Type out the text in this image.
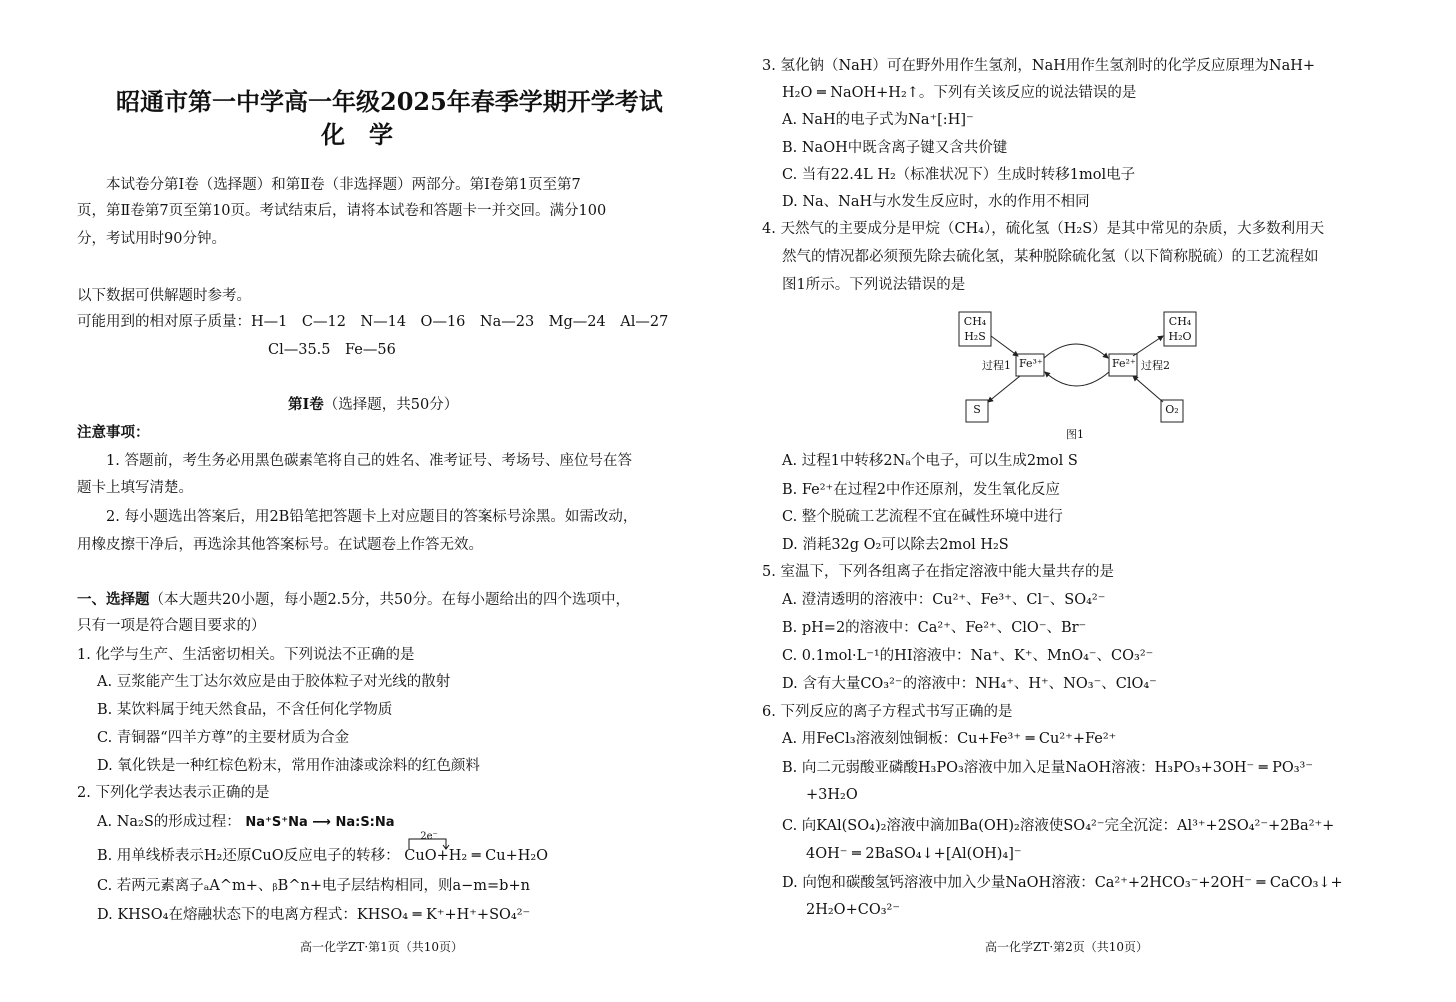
昭通市第一中学高一年级2025年春季学期开学考试
化　学
本试卷分第Ⅰ卷（选择题）和第Ⅱ卷（非选择题）两部分。第Ⅰ卷第1页至第7
页，第Ⅱ卷第7页至第10页。考试结束后，请将本试卷和答题卡一并交回。满分100
分，考试用时90分钟。
以下数据可供解题时参考。
可能用到的相对原子质量：H—1　C—12　N—14　O—16　Na—23　Mg—24　Al—27
Cl—35.5　Fe—56
第Ⅰ卷（选择题，共50分）
注意事项：
1. 答题前，考生务必用黑色碳素笔将自己的姓名、准考证号、考场号、座位号在答
题卡上填写清楚。
2. 每小题选出答案后，用2B铅笔把答题卡上对应题目的答案标号涂黑。如需改动，
用橡皮擦干净后，再选涂其他答案标号。在试题卷上作答无效。
一、选择题（本大题共20小题，每小题2.5分，共50分。在每小题给出的四个选项中，
只有一项是符合题目要求的）
1. 化学与生产、生活密切相关。下列说法不正确的是
A. 豆浆能产生丁达尔效应是由于胶体粒子对光线的散射
B. 某饮料属于纯天然食品，不含任何化学物质
C. 青铜器“四羊方尊”的主要材质为合金
D. 氧化铁是一种红棕色粉末，常用作油漆或涂料的红色颜料
2. 下列化学表达表示正确的是
A. Na₂S的形成过程： Na⁺S⁺Na ⟶ Na:S:Na
B. 用单线桥表示H₂还原CuO反应电子的转移：
2e⁻
CuO+H₂ ═ Cu+H₂O
C. 若两元素离子ₐA^m+、ᵦB^n+电子层结构相同，则a−m=b+n
D. KHSO₄在熔融状态下的电离方程式：KHSO₄ ═ K⁺+H⁺+SO₄²⁻
高一化学ZT·第1页（共10页）
3. 氢化钠（NaH）可在野外用作生氢剂，NaH用作生氢剂时的化学反应原理为NaH+
H₂O ═ NaOH+H₂↑。下列有关该反应的说法错误的是
A. NaH的电子式为Na⁺[:H]⁻
B. NaOH中既含离子键又含共价键
C. 当有22.4L H₂（标准状况下）生成时转移1mol电子
D. Na、NaH与水发生反应时，水的作用不相同
4. 天然气的主要成分是甲烷（CH₄），硫化氢（H₂S）是其中常见的杂质，大多数利用天
然气的情况都必须预先除去硫化氢，某种脱除硫化氢（以下简称脱硫）的工艺流程如
图1所示。下列说法错误的是
CH₄
H₂S
CH₄
H₂O
过程1 Fe³⁺	Fe²⁺ 过程2
S	O₂
图1
A. 过程1中转移2Nₐ个电子，可以生成2mol S
B. Fe²⁺在过程2中作还原剂，发生氧化反应
C. 整个脱硫工艺流程不宜在碱性环境中进行
D. 消耗32g O₂可以除去2mol H₂S
5. 室温下，下列各组离子在指定溶液中能大量共存的是
A. 澄清透明的溶液中：Cu²⁺、Fe³⁺、Cl⁻、SO₄²⁻
B. pH=2的溶液中：Ca²⁺、Fe²⁺、ClO⁻、Br⁻
C. 0.1mol·L⁻¹的HI溶液中：Na⁺、K⁺、MnO₄⁻、CO₃²⁻
D. 含有大量CO₃²⁻的溶液中：NH₄⁺、H⁺、NO₃⁻、ClO₄⁻
6. 下列反应的离子方程式书写正确的是
A. 用FeCl₃溶液刻蚀铜板：Cu+Fe³⁺ ═ Cu²⁺+Fe²⁺
B. 向二元弱酸亚磷酸H₃PO₃溶液中加入足量NaOH溶液：H₃PO₃+3OH⁻ ═ PO₃³⁻
+3H₂O
C. 向KAl(SO₄)₂溶液中滴加Ba(OH)₂溶液使SO₄²⁻完全沉淀：Al³⁺+2SO₄²⁻+2Ba²⁺+
4OH⁻ ═ 2BaSO₄↓+[Al(OH)₄]⁻
D. 向饱和碳酸氢钙溶液中加入少量NaOH溶液：Ca²⁺+2HCO₃⁻+2OH⁻ ═ CaCO₃↓+
2H₂O+CO₃²⁻
高一化学ZT·第2页（共10页）
